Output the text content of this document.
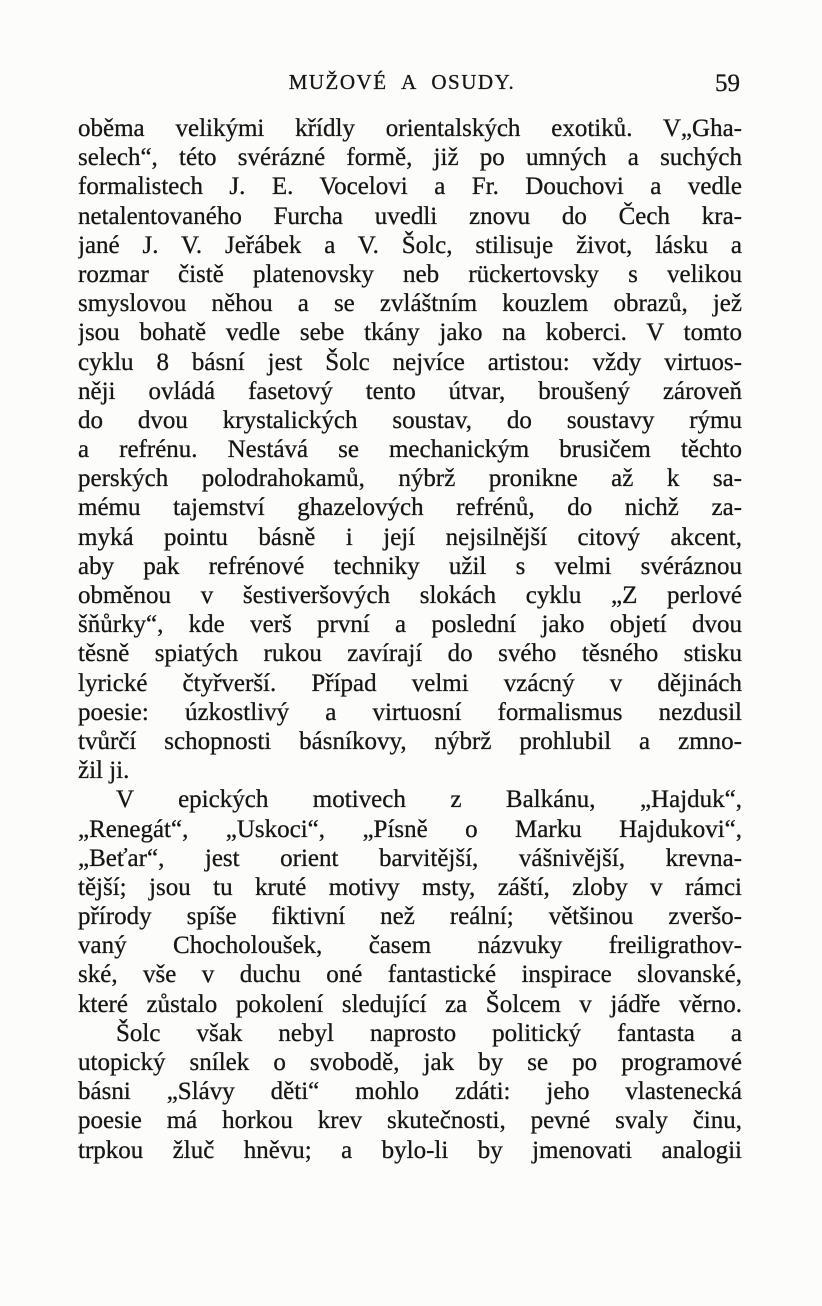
MUŽOVÉ A OSUDY.	59
oběma velikými křídly orientalských exotiků. V„Gha-
selech“, této svérázné formě, již po umných a suchých
formalistech J. E. Vocelovi a Fr. Douchovi a vedle
netalentovaného Furcha uvedli znovu do Čech kra-
jané J. V. Jeřábek a V. Šolc, stilisuje život, lásku a
rozmar čistě platenovsky neb rückertovsky s velikou
smyslovou něhou a se zvláštním kouzlem obrazů, jež
jsou bohatě vedle sebe tkány jako na koberci. V tomto
cyklu 8 básní jest Šolc nejvíce artistou: vždy virtuos-
něji ovládá fasetový tento útvar, broušený zároveň
do dvou krystalických soustav, do soustavy rýmu
a refrénu. Nestává se mechanickým brusičem těchto
perských polodrahokamů, nýbrž pronikne až k sa-
mému tajemství ghazelových refrénů, do nichž za-
myká pointu básně i její nejsilnější citový akcent,
aby pak refrénové techniky užil s velmi svéráznou
obměnou v šestiveršových slokách cyklu „Z perlové
šňůrky“, kde verš první a poslední jako objetí dvou
těsně spiatých rukou zavírají do svého těsného stisku
lyrické čtyřverší. Případ velmi vzácný v dějinách
poesie: úzkostlivý a virtuosní formalismus nezdusil
tvůrčí schopnosti básníkovy, nýbrž prohlubil a zmno-
žil ji.
V epických motivech z Balkánu, „Hajduk“,
„Renegát“, „Uskoci“, „Písně o Marku Hajdukovi“,
„Beťar“, jest orient barvitější, vášnivější, krevna-
tější; jsou tu kruté motivy msty, záští, zloby v rámci
přírody spíše fiktivní než reální; většinou zveršo-
vaný Chocholoušek, časem názvuky freiligrathov-
ské, vše v duchu oné fantastické inspirace slovanské,
které zůstalo pokolení sledující za Šolcem v jádře věrno.
Šolc však nebyl naprosto politický fantasta a
utopický snílek o svobodě, jak by se po programové
básni „Slávy děti“ mohlo zdáti: jeho vlastenecká
poesie má horkou krev skutečnosti, pevné svaly činu,
trpkou žluč hněvu; a bylo-li by jmenovati analogii
